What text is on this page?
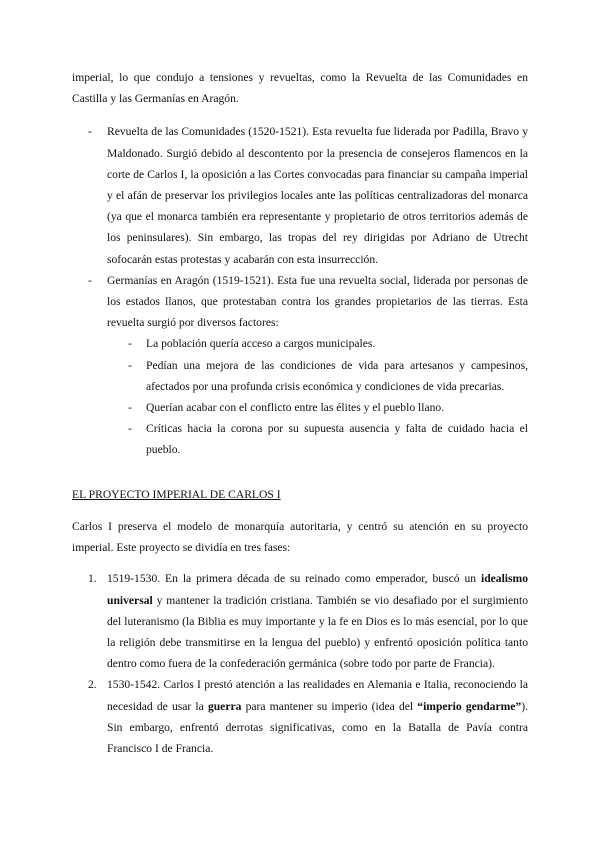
imperial, lo que condujo a tensiones y revueltas, como la Revuelta de las Comunidades en Castilla y las Germanías en Aragón.

- Revuelta de las Comunidades (1520-1521). Esta revuelta fue liderada por Padilla, Bravo y Maldonado. Surgió debido al descontento por la presencia de consejeros flamencos en la corte de Carlos I, la oposición a las Cortes convocadas para financiar su campaña imperial y el afán de preservar los privilegios locales ante las políticas centralizadoras del monarca (ya que el monarca también era representante y propietario de otros territorios además de los peninsulares). Sin embargo, las tropas del rey dirigidas por Adriano de Utrecht sofocarán estas protestas y acabarán con esta insurrección.

- Germanías en Aragón (1519-1521). Esta fue una revuelta social, liderada por personas de los estados llanos, que protestaban contra los grandes propietarios de las tierras. Esta revuelta surgió por diversos factores:

- La población quería acceso a cargos municipales.

- Pedían una mejora de las condiciones de vida para artesanos y campesinos, afectados por una profunda crisis económica y condiciones de vida precarias.

- Querían acabar con el conflicto entre las élites y el pueblo llano.

- Críticas hacia la corona por su supuesta ausencia y falta de cuidado hacia el pueblo.

EL PROYECTO IMPERIAL DE CARLOS I

Carlos I preserva el modelo de monarquía autoritaria, y centró su atención en su proyecto imperial. Este proyecto se dividía en tres fases:

1. 1519-1530. En la primera década de su reinado como emperador, buscó un idealismo universal y mantener la tradición cristiana. También se vio desafiado por el surgimiento del luteranismo (la Biblia es muy importante y la fe en Dios es lo más esencial, por lo que la religión debe transmitirse en la lengua del pueblo) y enfrentó oposición política tanto dentro como fuera de la confederación germánica (sobre todo por parte de Francia).

2. 1530-1542. Carlos I prestó atención a las realidades en Alemania e Italia, reconociendo la necesidad de usar la guerra para mantener su imperio (idea del “imperio gendarme”). Sin embargo, enfrentó derrotas significativas, como en la Batalla de Pavía contra Francisco I de Francia.
